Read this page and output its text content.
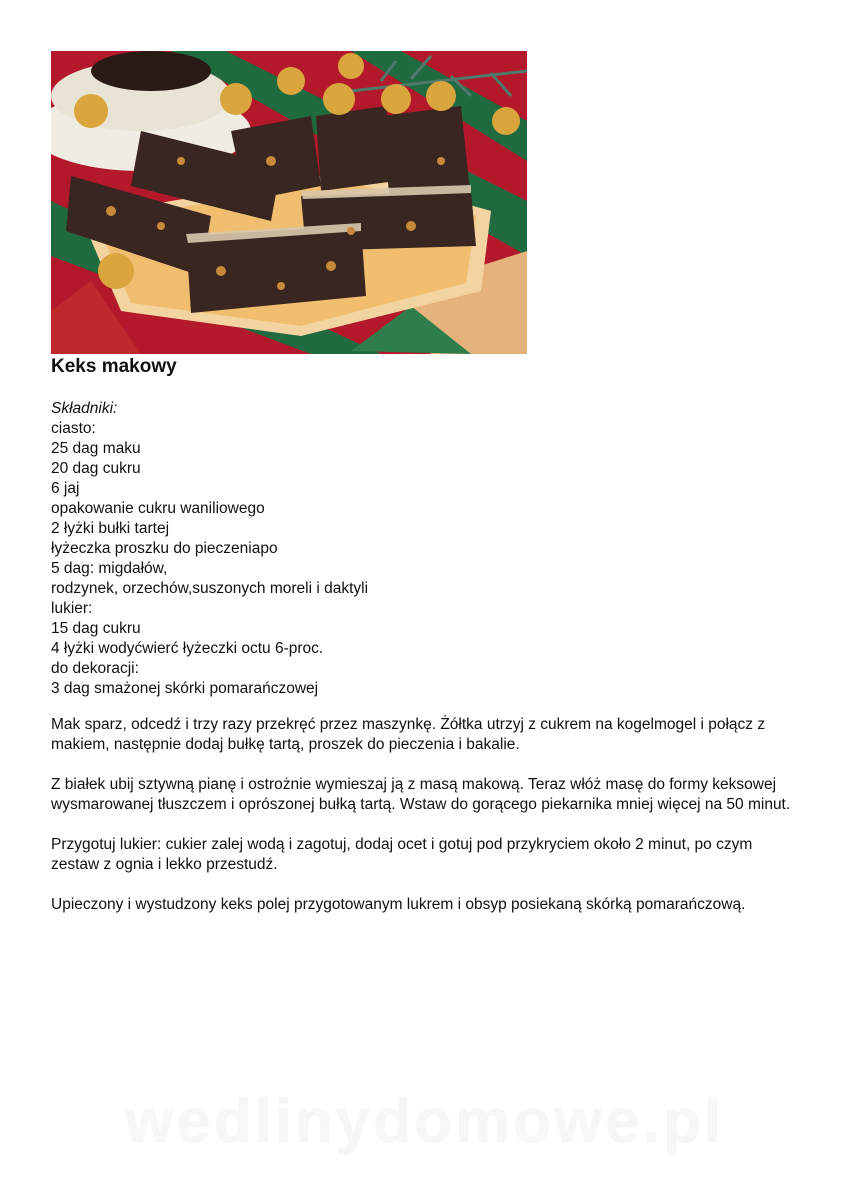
Keks makowy
Składniki:
ciasto:
25 dag maku
20 dag cukru
6 jaj
opakowanie cukru waniliowego
2 łyżki bułki tartej
łyżeczka proszku do pieczeniapo
5 dag: migdałów,
rodzynek, orzechów,suszonych moreli i daktyli
lukier:
15 dag cukru
4 łyżki wodyćwierć łyżeczki octu 6-proc.
do dekoracji:
3 dag smażonej skórki pomarańczowej

Mak sparz, odcedź i trzy razy przekręć przez maszynkę. Żółtka utrzyj z cukrem na kogelmogel i połącz z makiem, następnie dodaj bułkę tartą, proszek do pieczenia i bakalie.

Z białek ubij sztywną pianę i ostrożnie wymieszaj ją z masą makową. Teraz włóż masę do formy keksowej wysmarowanej tłuszczem i oprószonej bułką tartą. Wstaw do gorącego piekarnika mniej więcej na 50 minut.

Przygotuj lukier: cukier zalej wodą i zagotuj, dodaj ocet i gotuj pod przykryciem około 2 minut, po czym zestaw z ognia i lekko przestudź.

Upieczony i wystudzony keks polej przygotowanym lukrem i obsyp posiekaną skórką pomarańczową.

wedlinydomowe.pl
